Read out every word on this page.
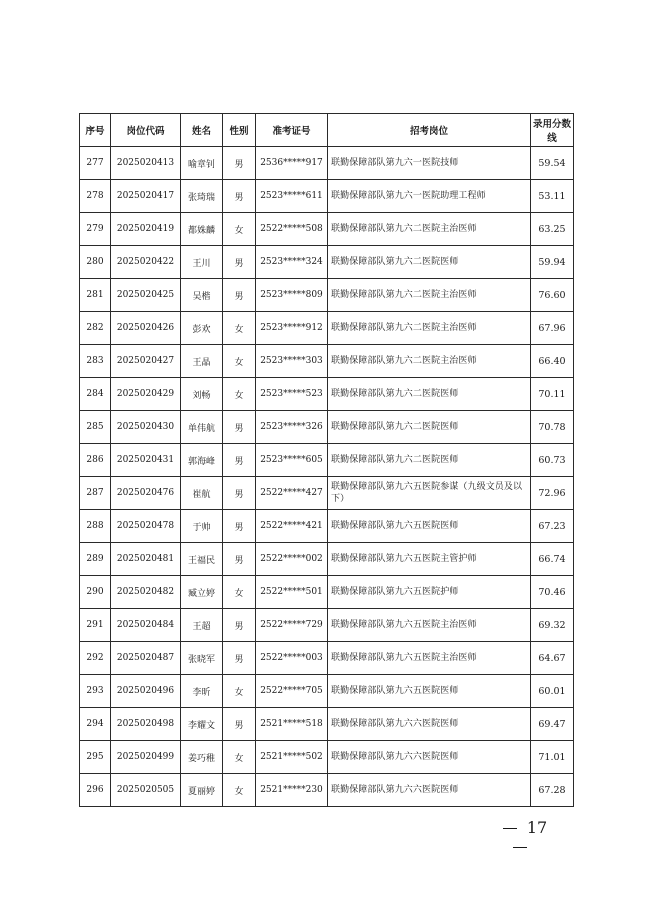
序号	岗位代码	姓名	性别	准考证号	招考岗位	录用分数线
277	2025020413	喻章钊	男	2536*****917	联勤保障部队第九六一医院技师	59.54
278	2025020417	张琦瑞	男	2523*****611	联勤保障部队第九六一医院助理工程师	53.11
279	2025020419	都姝麟	女	2522*****508	联勤保障部队第九六二医院主治医师	63.25
280	2025020422	王川	男	2523*****324	联勤保障部队第九六二医院医师	59.94
281	2025020425	吴楷	男	2523*****809	联勤保障部队第九六二医院主治医师	76.60
282	2025020426	彭欢	女	2523*****912	联勤保障部队第九六二医院主治医师	67.96
283	2025020427	王晶	女	2523*****303	联勤保障部队第九六二医院主治医师	66.40
284	2025020429	刘畅	女	2523*****523	联勤保障部队第九六二医院医师	70.11
285	2025020430	单伟航	男	2523*****326	联勤保障部队第九六二医院医师	70.78
286	2025020431	郭海峰	男	2523*****605	联勤保障部队第九六二医院医师	60.73
287	2025020476	崔航	男	2522*****427	联勤保障部队第九六五医院参谋（九级文员及以下）	72.96
288	2025020478	于帅	男	2522*****421	联勤保障部队第九六五医院医师	67.23
289	2025020481	王福民	男	2522*****002	联勤保障部队第九六五医院主管护师	66.74
290	2025020482	臧立婷	女	2522*****501	联勤保障部队第九六五医院护师	70.46
291	2025020484	王超	男	2522*****729	联勤保障部队第九六五医院主治医师	69.32
292	2025020487	张晓军	男	2522*****003	联勤保障部队第九六五医院主治医师	64.67
293	2025020496	李昕	女	2522*****705	联勤保障部队第九六五医院医师	60.01
294	2025020498	李耀文	男	2521*****518	联勤保障部队第九六六医院医师	69.47
295	2025020499	姜巧稚	女	2521*****502	联勤保障部队第九六六医院医师	71.01
296	2025020505	夏丽婷	女	2521*****230	联勤保障部队第九六六医院医师	67.28
17
